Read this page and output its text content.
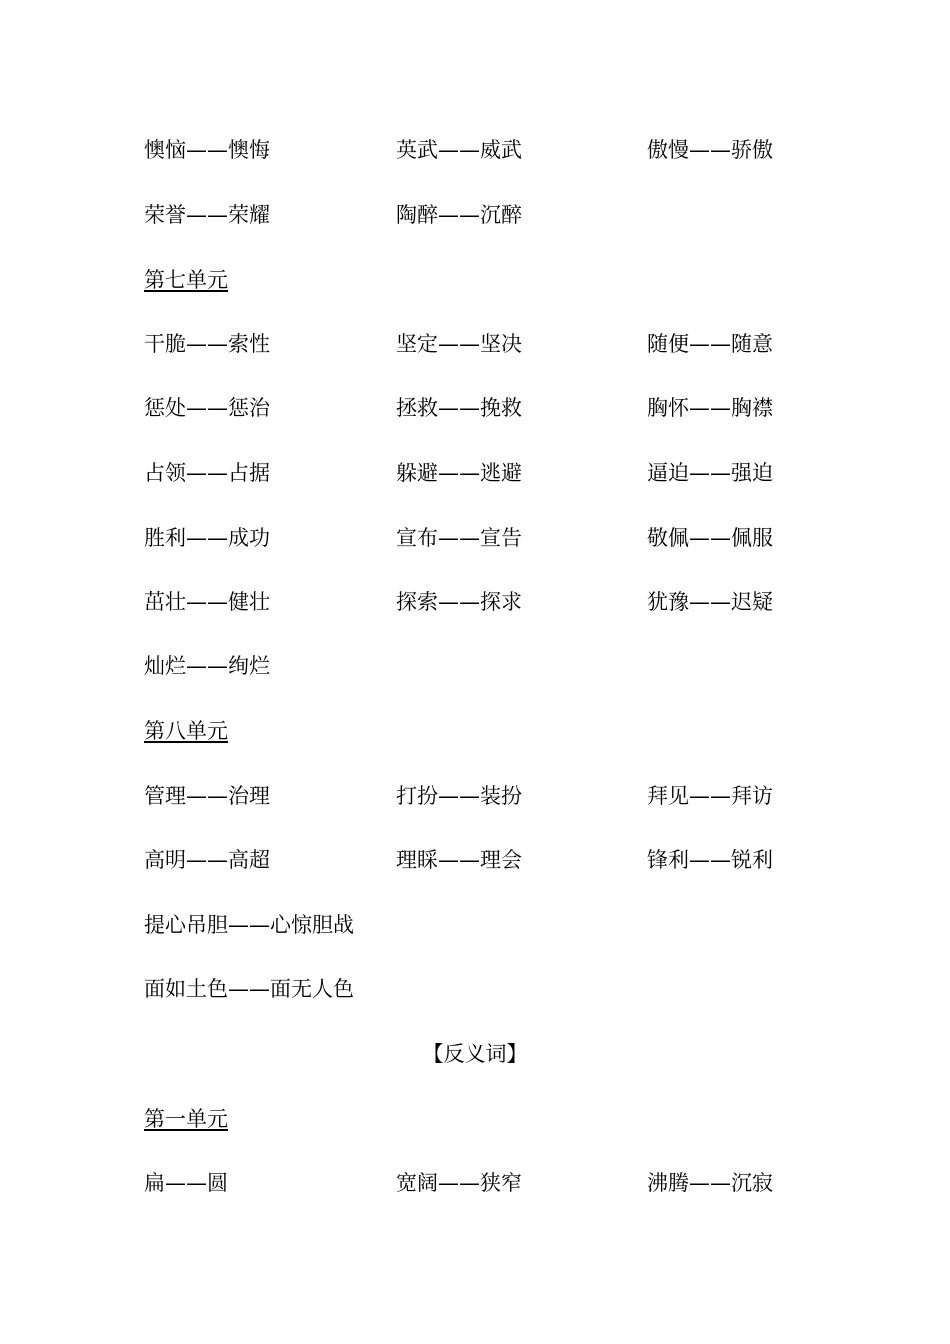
懊恼——懊悔	英武——威武	傲慢——骄傲
荣誉——荣耀	陶醉——沉醉
第七单元
干脆——索性	坚定——坚决	随便——随意
惩处——惩治	拯救——挽救	胸怀——胸襟
占领——占据	躲避——逃避	逼迫——强迫
胜利——成功	宣布——宣告	敬佩——佩服
茁壮——健壮	探索——探求	犹豫——迟疑
灿烂——绚烂
第八单元
管理——治理	打扮——装扮	拜见——拜访
高明——高超	理睬——理会	锋利——锐利
提心吊胆——心惊胆战
面如土色——面无人色
【反义词】
第一单元
扁——圆	宽阔——狭窄	沸腾——沉寂
